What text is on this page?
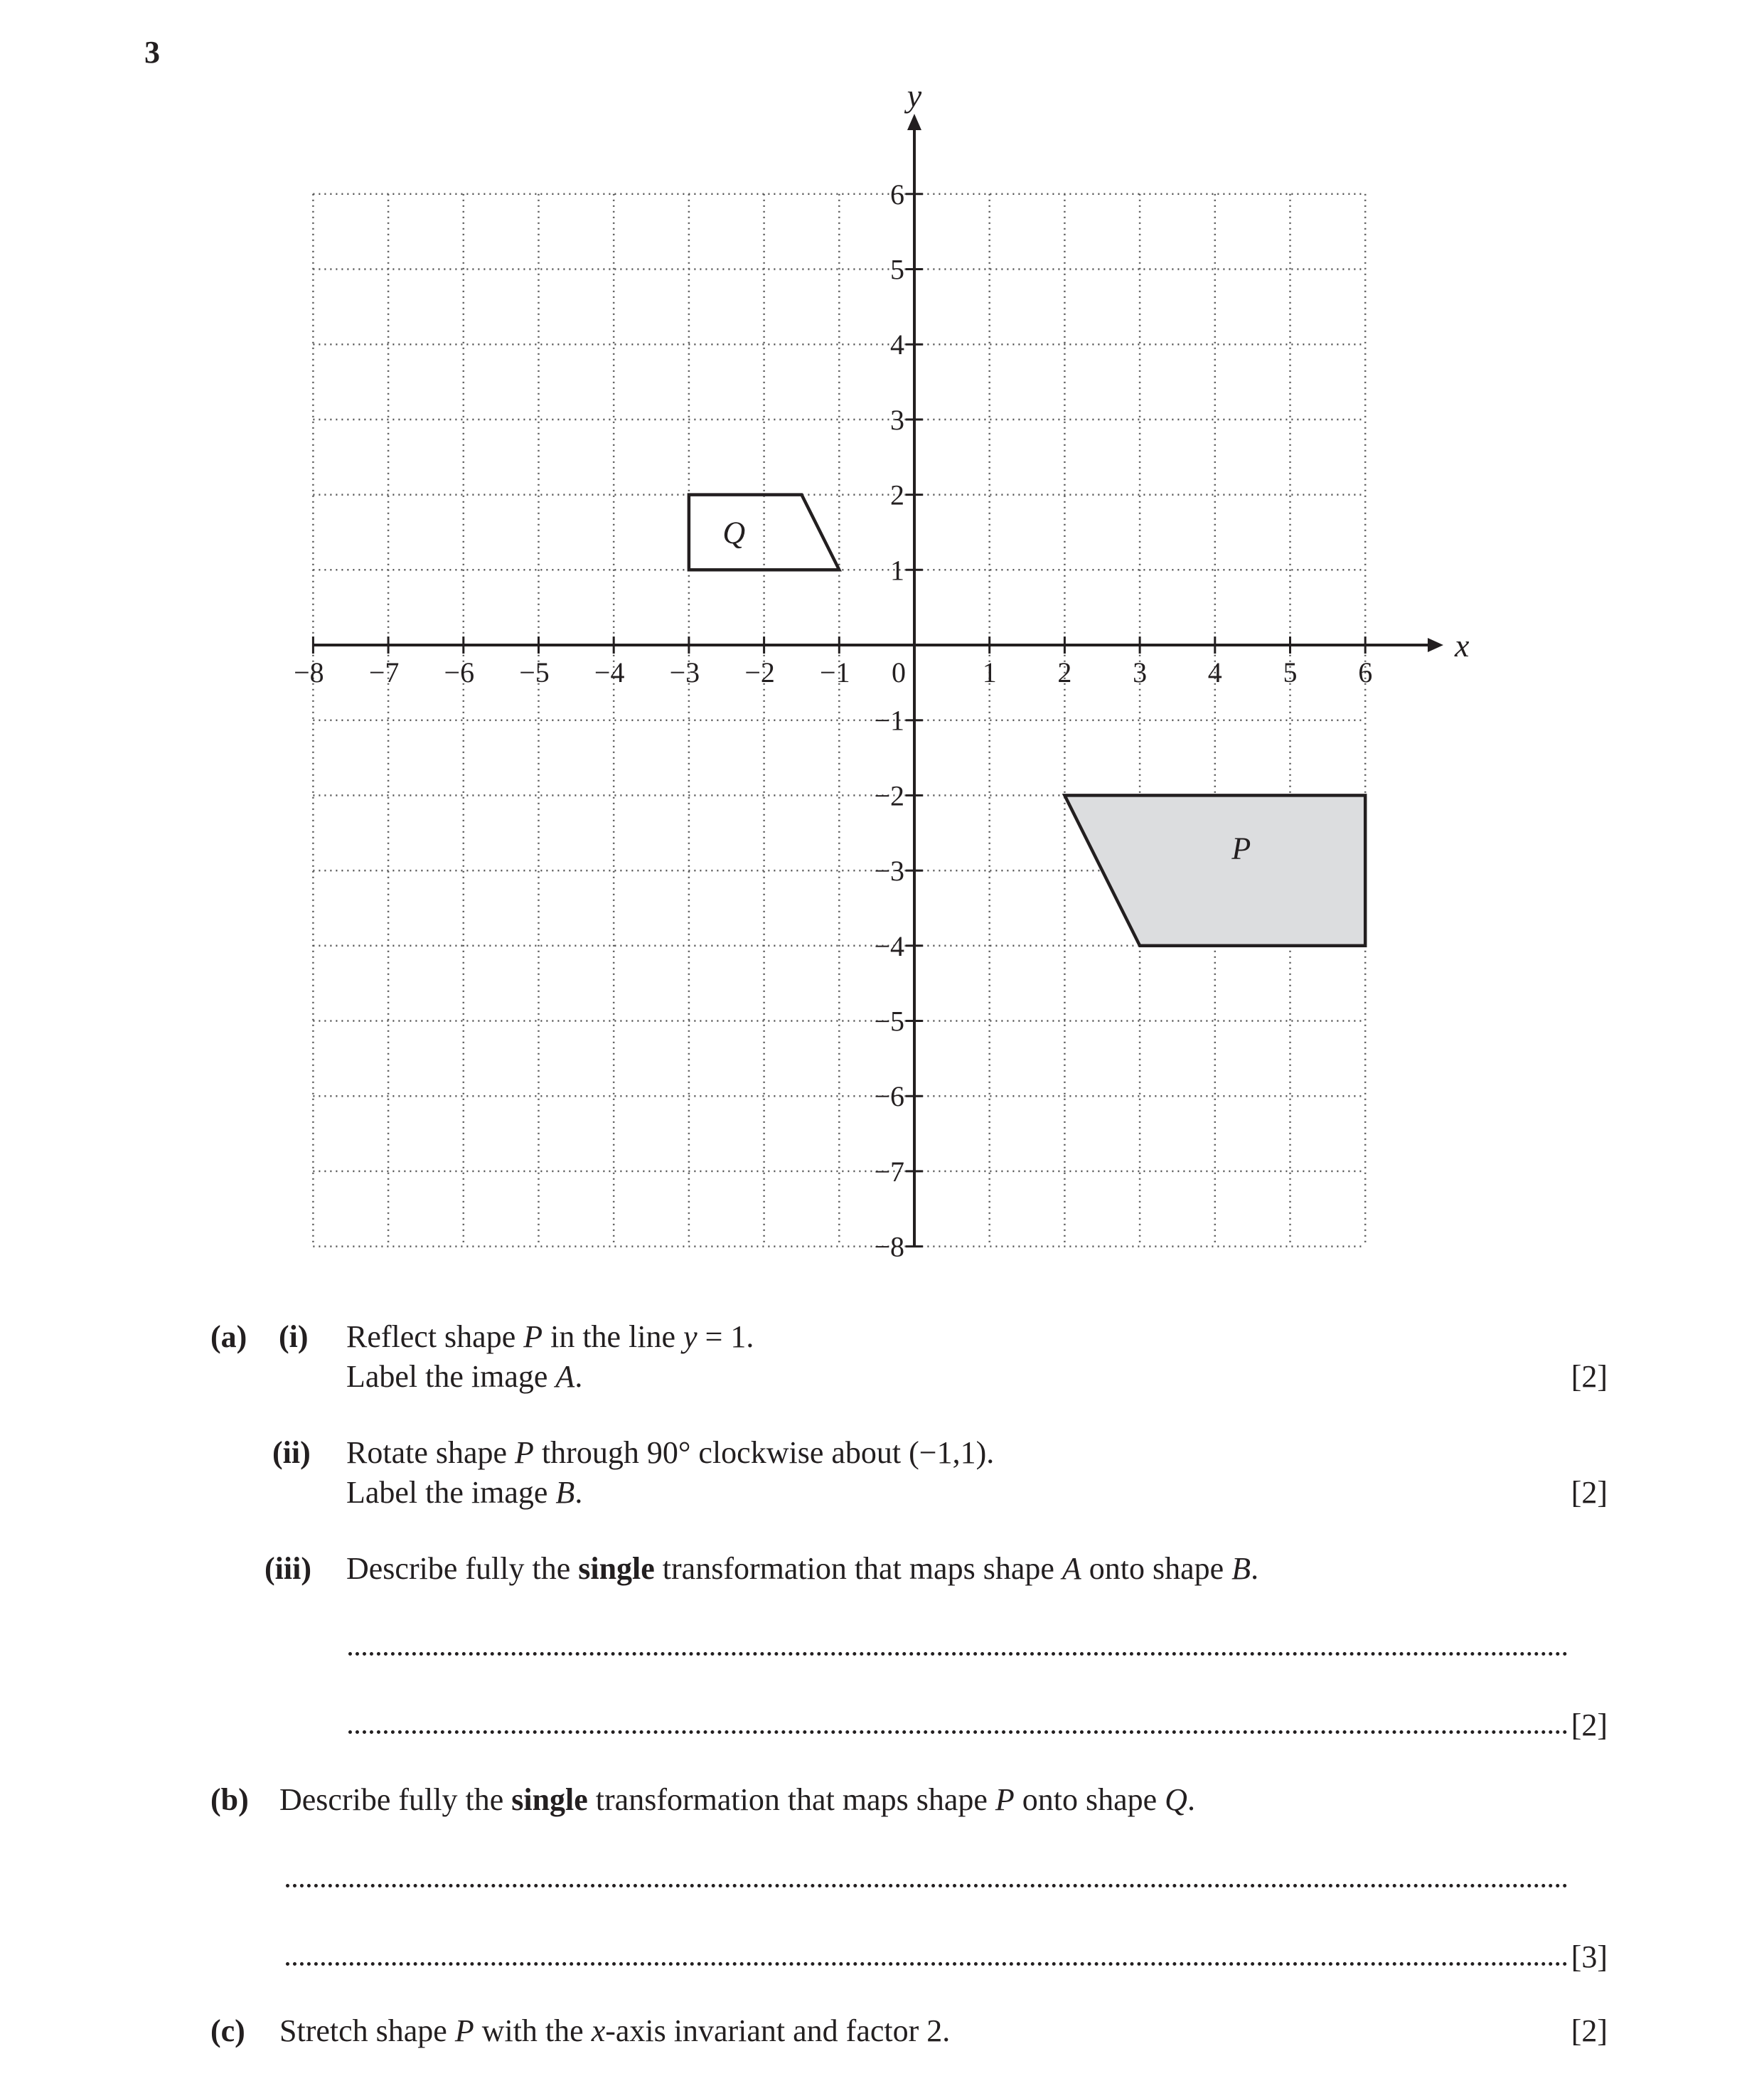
3
Q
P
x
y
−8 −7 −6 −5 −4 −3 −2 −1	1 2 3 4 5 6
0
6
5
4
3
2
1
−1
−2
−3
−4
−5
−6
−7
−8
(a) (i) Reflect shape P in the line y = 1.
Label the image A.	[2]
(ii) Rotate shape P through 90° clockwise about (−1,1).
Label the image B.	[2]
(iii) Describe fully the single transformation that maps shape A onto shape B.
[2]
(b) Describe fully the single transformation that maps shape P onto shape Q.
[3]
(c) Stretch shape P with the x-axis invariant and factor 2.	[2]
